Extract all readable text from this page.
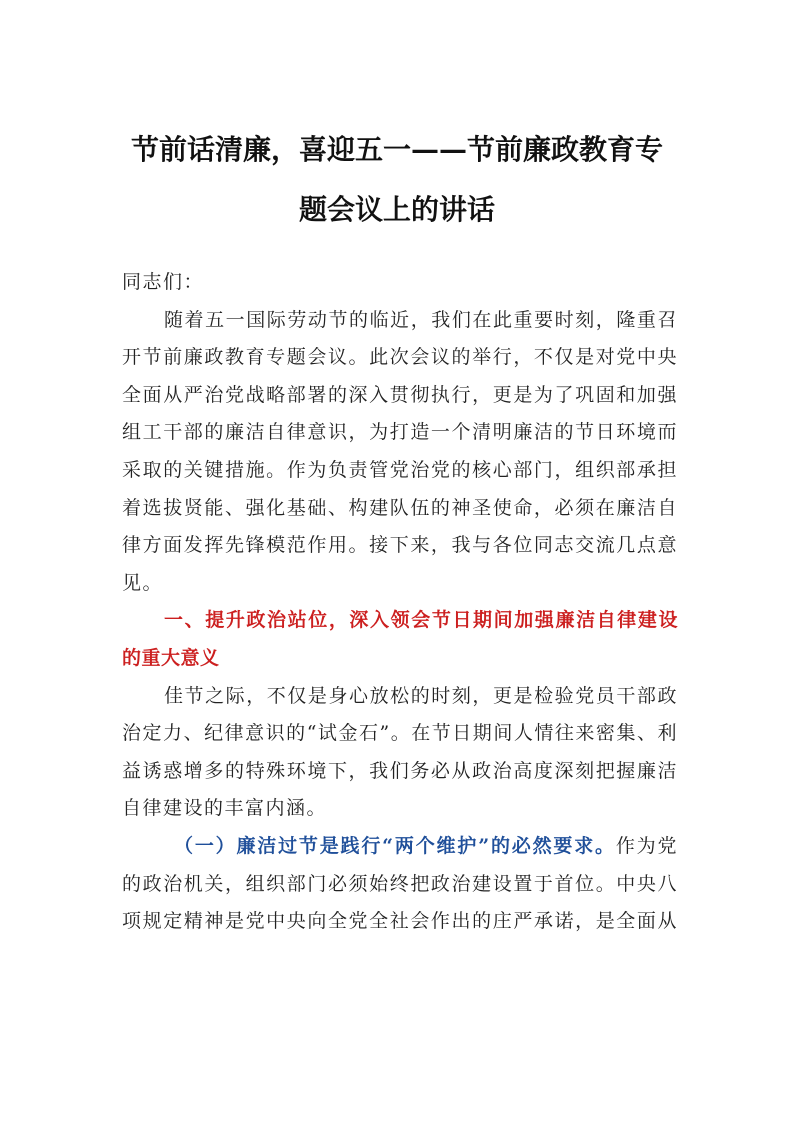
节前话清廉，喜迎五一——节前廉政教育专
题会议上的讲话
同志们：
随着五一国际劳动节的临近，我们在此重要时刻，隆重召
开节前廉政教育专题会议。此次会议的举行，不仅是对党中央
全面从严治党战略部署的深入贯彻执行，更是为了巩固和加强
组工干部的廉洁自律意识，为打造一个清明廉洁的节日环境而
采取的关键措施。作为负责管党治党的核心部门，组织部承担
着选拔贤能、强化基础、构建队伍的神圣使命，必须在廉洁自
律方面发挥先锋模范作用。接下来，我与各位同志交流几点意
见。
一、提升政治站位，深入领会节日期间加强廉洁自律建设
的重大意义
佳节之际，不仅是身心放松的时刻，更是检验党员干部政
治定力、纪律意识的“试金石”。在节日期间人情往来密集、利
益诱惑增多的特殊环境下，我们务必从政治高度深刻把握廉洁
自律建设的丰富内涵。
（一）廉洁过节是践行“两个维护”的必然要求。作为党
的政治机关，组织部门必须始终把政治建设置于首位。中央八
项规定精神是党中央向全党全社会作出的庄严承诺，是全面从
